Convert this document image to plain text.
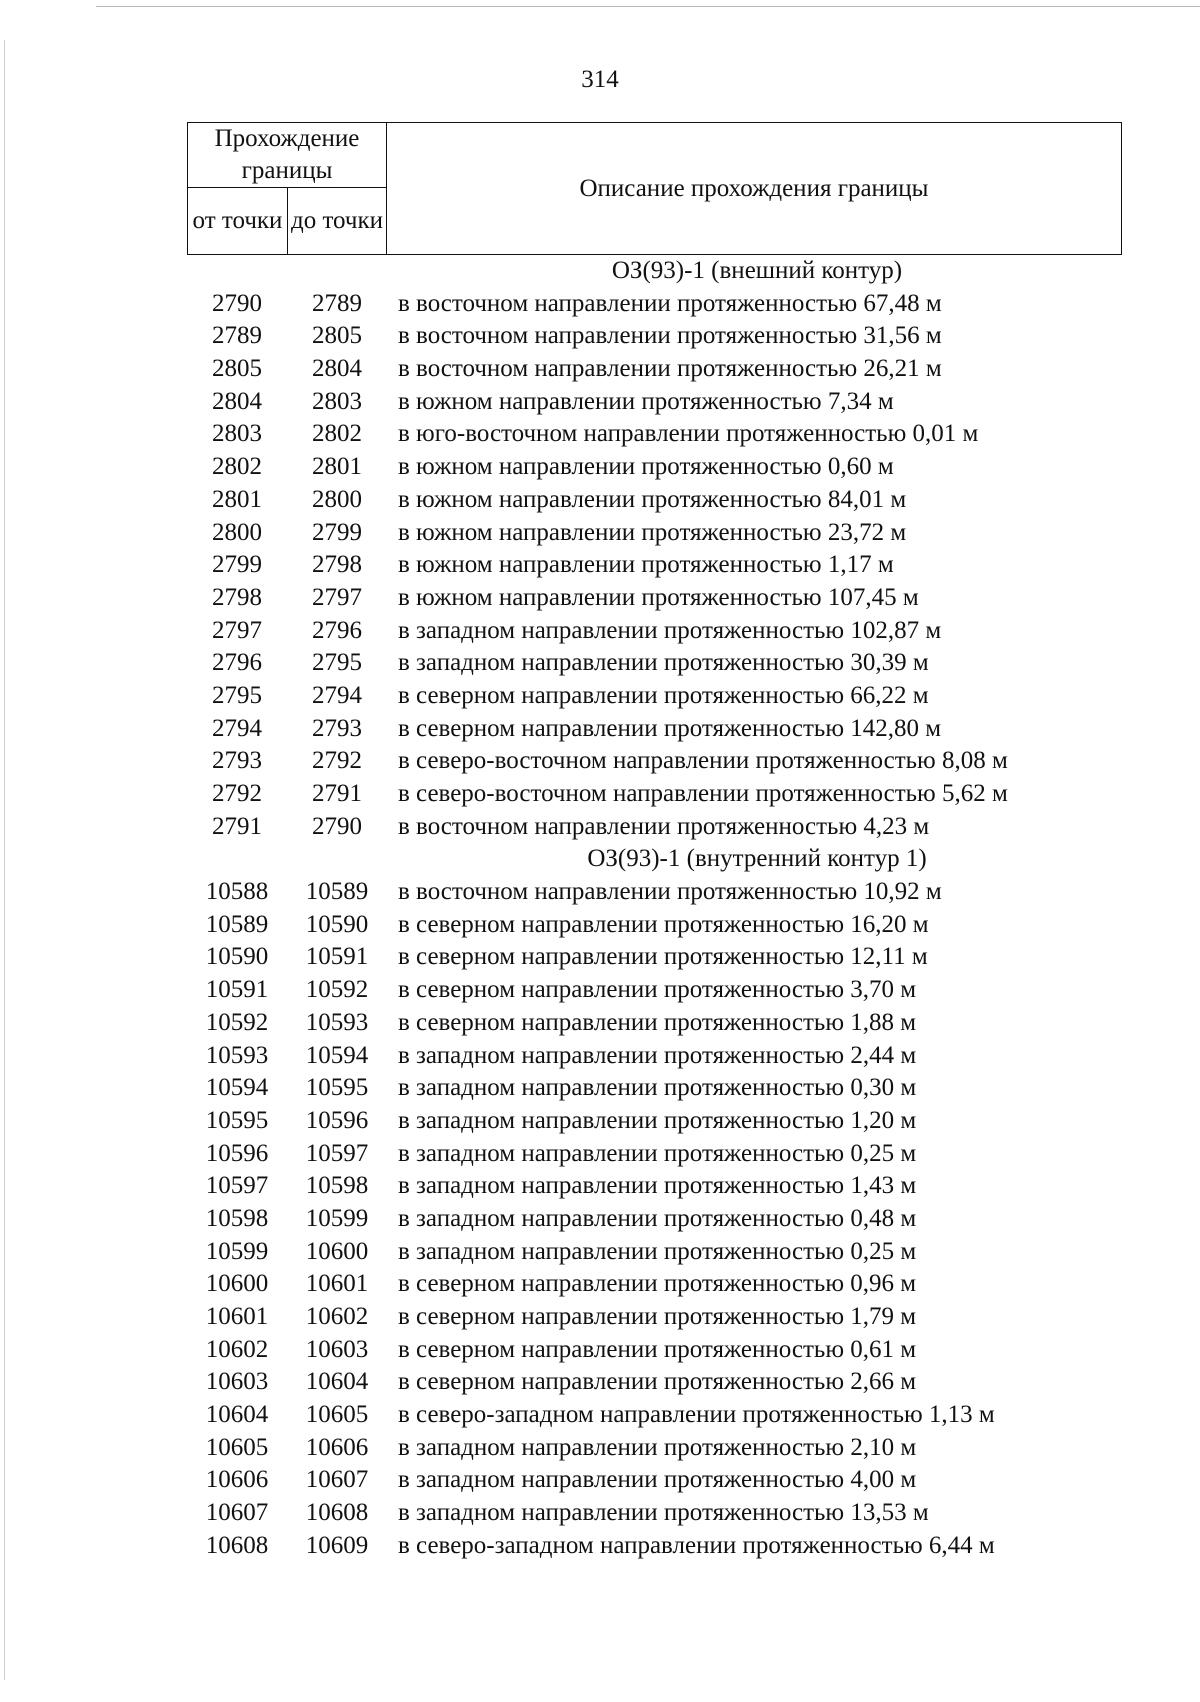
314
Прохождение границы
от точки до точки
Описание прохождения границы
ОЗ(93)-1 (внешний контур)
2790	2789	в восточном направлении протяженностью 67,48 м
2789	2805	в восточном направлении протяженностью 31,56 м
2805	2804	в восточном направлении протяженностью 26,21 м
2804	2803	в южном направлении протяженностью 7,34 м
2803	2802	в юго-восточном направлении протяженностью 0,01 м
2802	2801	в южном направлении протяженностью 0,60 м
2801	2800	в южном направлении протяженностью 84,01 м
2800	2799	в южном направлении протяженностью 23,72 м
2799	2798	в южном направлении протяженностью 1,17 м
2798	2797	в южном направлении протяженностью 107,45 м
2797	2796	в западном направлении протяженностью 102,87 м
2796	2795	в западном направлении протяженностью 30,39 м
2795	2794	в северном направлении протяженностью 66,22 м
2794	2793	в северном направлении протяженностью 142,80 м
2793	2792	в северо-восточном направлении протяженностью 8,08 м
2792	2791	в северо-восточном направлении протяженностью 5,62 м
2791	2790	в восточном направлении протяженностью 4,23 м
ОЗ(93)-1 (внутренний контур 1)
10588	10589	в восточном направлении протяженностью 10,92 м
10589	10590	в северном направлении протяженностью 16,20 м
10590	10591	в северном направлении протяженностью 12,11 м
10591	10592	в северном направлении протяженностью 3,70 м
10592	10593	в северном направлении протяженностью 1,88 м
10593	10594	в западном направлении протяженностью 2,44 м
10594	10595	в западном направлении протяженностью 0,30 м
10595	10596	в западном направлении протяженностью 1,20 м
10596	10597	в западном направлении протяженностью 0,25 м
10597	10598	в западном направлении протяженностью 1,43 м
10598	10599	в западном направлении протяженностью 0,48 м
10599	10600	в западном направлении протяженностью 0,25 м
10600	10601	в северном направлении протяженностью 0,96 м
10601	10602	в северном направлении протяженностью 1,79 м
10602	10603	в северном направлении протяженностью 0,61 м
10603	10604	в северном направлении протяженностью 2,66 м
10604	10605	в северо-западном направлении протяженностью 1,13 м
10605	10606	в западном направлении протяженностью 2,10 м
10606	10607	в западном направлении протяженностью 4,00 м
10607	10608	в западном направлении протяженностью 13,53 м
10608	10609	в северо-западном направлении протяженностью 6,44 м
